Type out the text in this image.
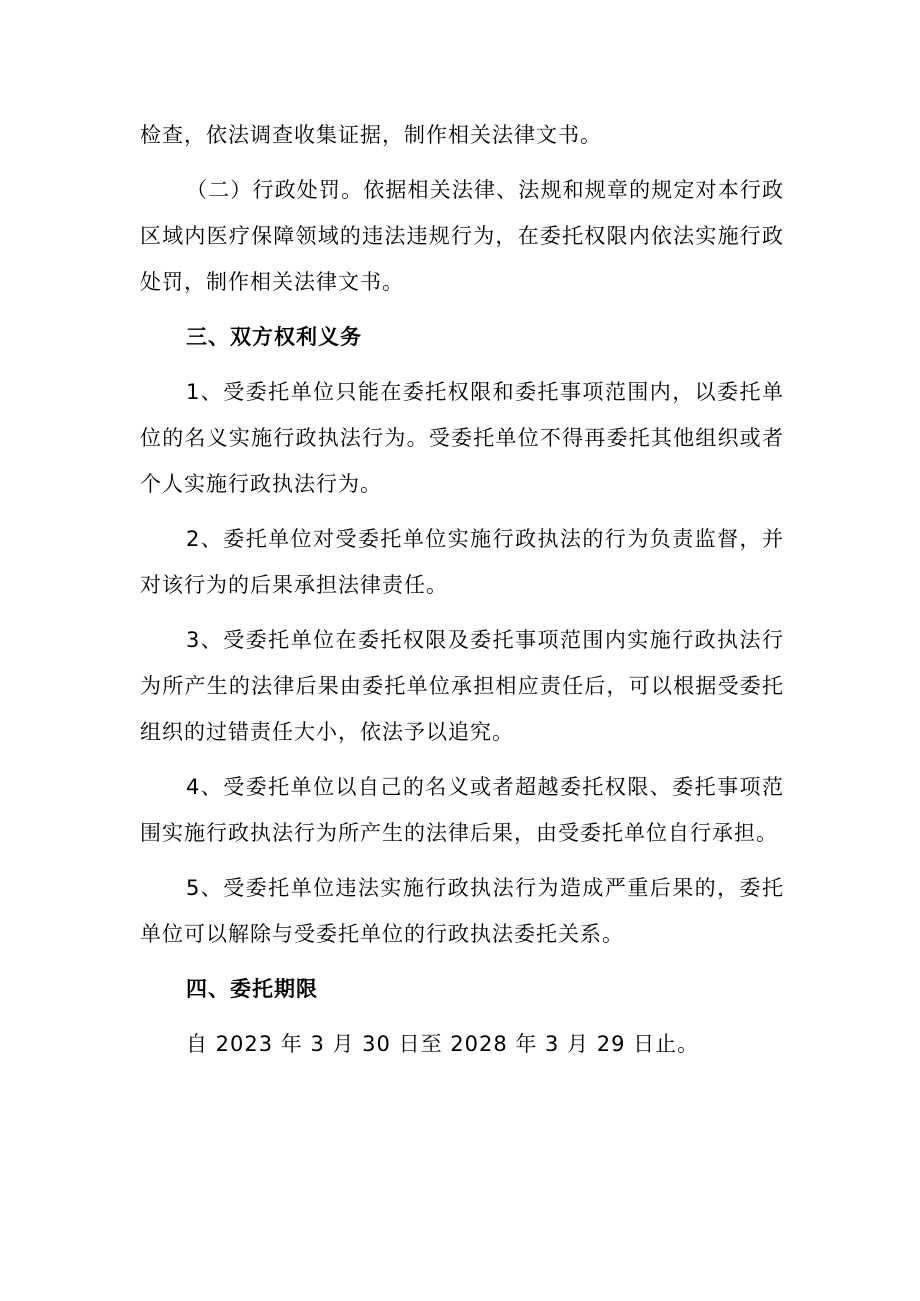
检查，依法调查收集证据，制作相关法律文书。

（二）行政处罚。依据相关法律、法规和规章的规定对本行政区域内医疗保障领域的违法违规行为，在委托权限内依法实施行政处罚，制作相关法律文书。

三、双方权利义务

1、受委托单位只能在委托权限和委托事项范围内，以委托单位的名义实施行政执法行为。受委托单位不得再委托其他组织或者个人实施行政执法行为。

2、委托单位对受委托单位实施行政执法的行为负责监督，并对该行为的后果承担法律责任。

3、受委托单位在委托权限及委托事项范围内实施行政执法行为所产生的法律后果由委托单位承担相应责任后，可以根据受委托组织的过错责任大小，依法予以追究。

4、受委托单位以自己的名义或者超越委托权限、委托事项范围实施行政执法行为所产生的法律后果，由受委托单位自行承担。

5、受委托单位违法实施行政执法行为造成严重后果的，委托单位可以解除与受委托单位的行政执法委托关系。

四、委托期限

自 2023 年 3 月 30 日至 2028 年 3 月 29 日止。
